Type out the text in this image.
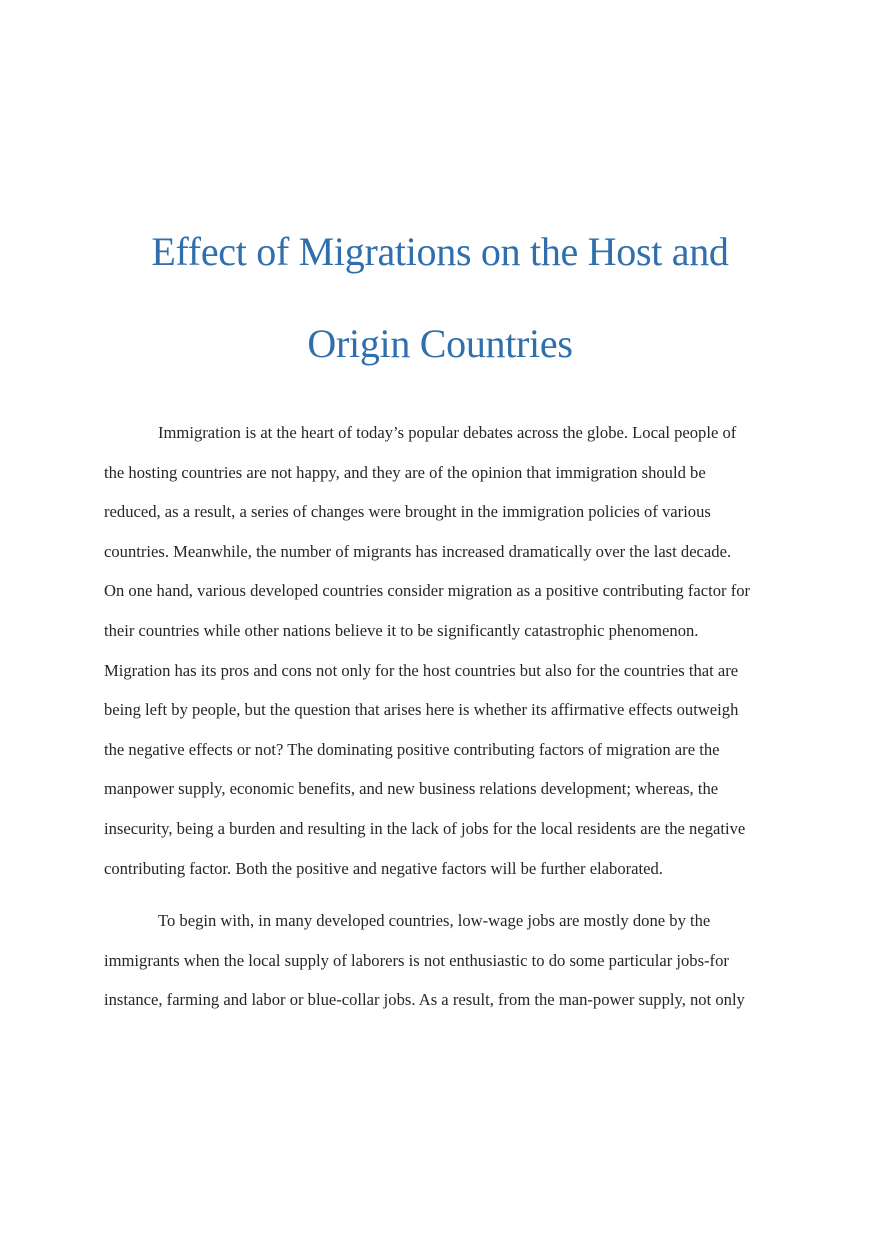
Effect of Migrations on the Host and
Origin Countries
Immigration is at the heart of today’s popular debates across the globe. Local people of
the hosting countries are not happy, and they are of the opinion that immigration should be
reduced, as a result, a series of changes were brought in the immigration policies of various
countries. Meanwhile, the number of migrants has increased dramatically over the last decade.
On one hand, various developed countries consider migration as a positive contributing factor for
their countries while other nations believe it to be significantly catastrophic phenomenon.
Migration has its pros and cons not only for the host countries but also for the countries that are
being left by people, but the question that arises here is whether its affirmative effects outweigh
the negative effects or not? The dominating positive contributing factors of migration are the
manpower supply, economic benefits, and new business relations development; whereas, the
insecurity, being a burden and resulting in the lack of jobs for the local residents are the negative
contributing factor. Both the positive and negative factors will be further elaborated.
To begin with, in many developed countries, low-wage jobs are mostly done by the
immigrants when the local supply of laborers is not enthusiastic to do some particular jobs-for
instance, farming and labor or blue-collar jobs. As a result, from the man-power supply, not only
